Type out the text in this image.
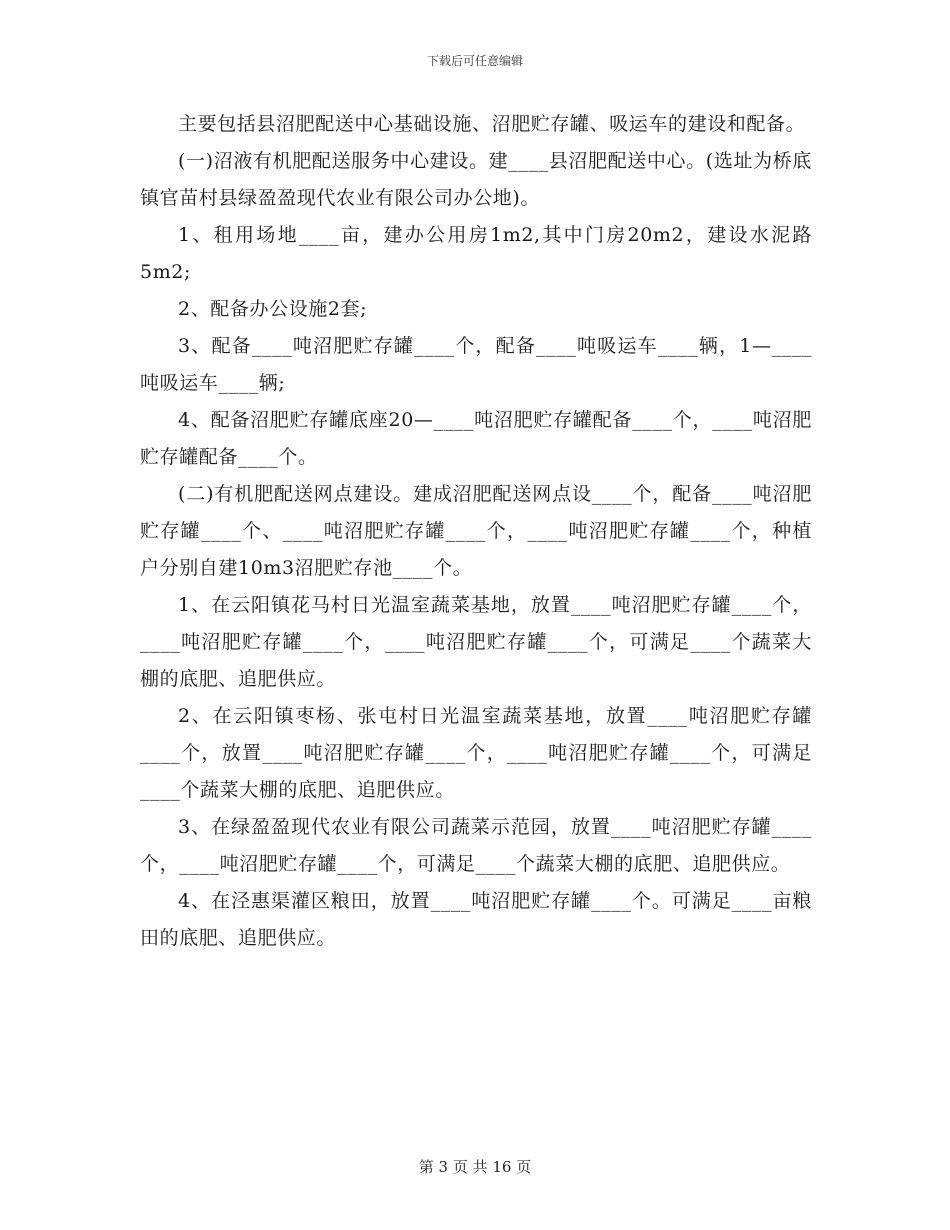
下载后可任意编辑

主要包括县沼肥配送中心基础设施、沼肥贮存罐、吸运车的建设和配备。

(一)沼液有机肥配送服务中心建设。建____县沼肥配送中心。(选址为桥底镇官苗村县绿盈盈现代农业有限公司办公地)。

1、租用场地____亩，建办公用房1m2,其中门房20m2，建设水泥路5m2;

2、配备办公设施2套;

3、配备____吨沼肥贮存罐____个，配备____吨吸运车____辆，1—____吨吸运车____辆;

4、配备沼肥贮存罐底座20—____吨沼肥贮存罐配备____个，____吨沼肥贮存罐配备____个。

(二)有机肥配送网点建设。建成沼肥配送网点设____个，配备____吨沼肥贮存罐____个、____吨沼肥贮存罐____个，____吨沼肥贮存罐____个，种植户分别自建10m3沼肥贮存池____个。

1、在云阳镇花马村日光温室蔬菜基地，放置____吨沼肥贮存罐____个，____吨沼肥贮存罐____个，____吨沼肥贮存罐____个，可满足____个蔬菜大棚的底肥、追肥供应。

2、在云阳镇枣杨、张屯村日光温室蔬菜基地，放置____吨沼肥贮存罐____个，放置____吨沼肥贮存罐____个，____吨沼肥贮存罐____个，可满足____个蔬菜大棚的底肥、追肥供应。

3、在绿盈盈现代农业有限公司蔬菜示范园，放置____吨沼肥贮存罐____个，____吨沼肥贮存罐____个，可满足____个蔬菜大棚的底肥、追肥供应。

4、在泾惠渠灌区粮田，放置____吨沼肥贮存罐____个。可满足____亩粮田的底肥、追肥供应。

第 3 页 共 16 页
